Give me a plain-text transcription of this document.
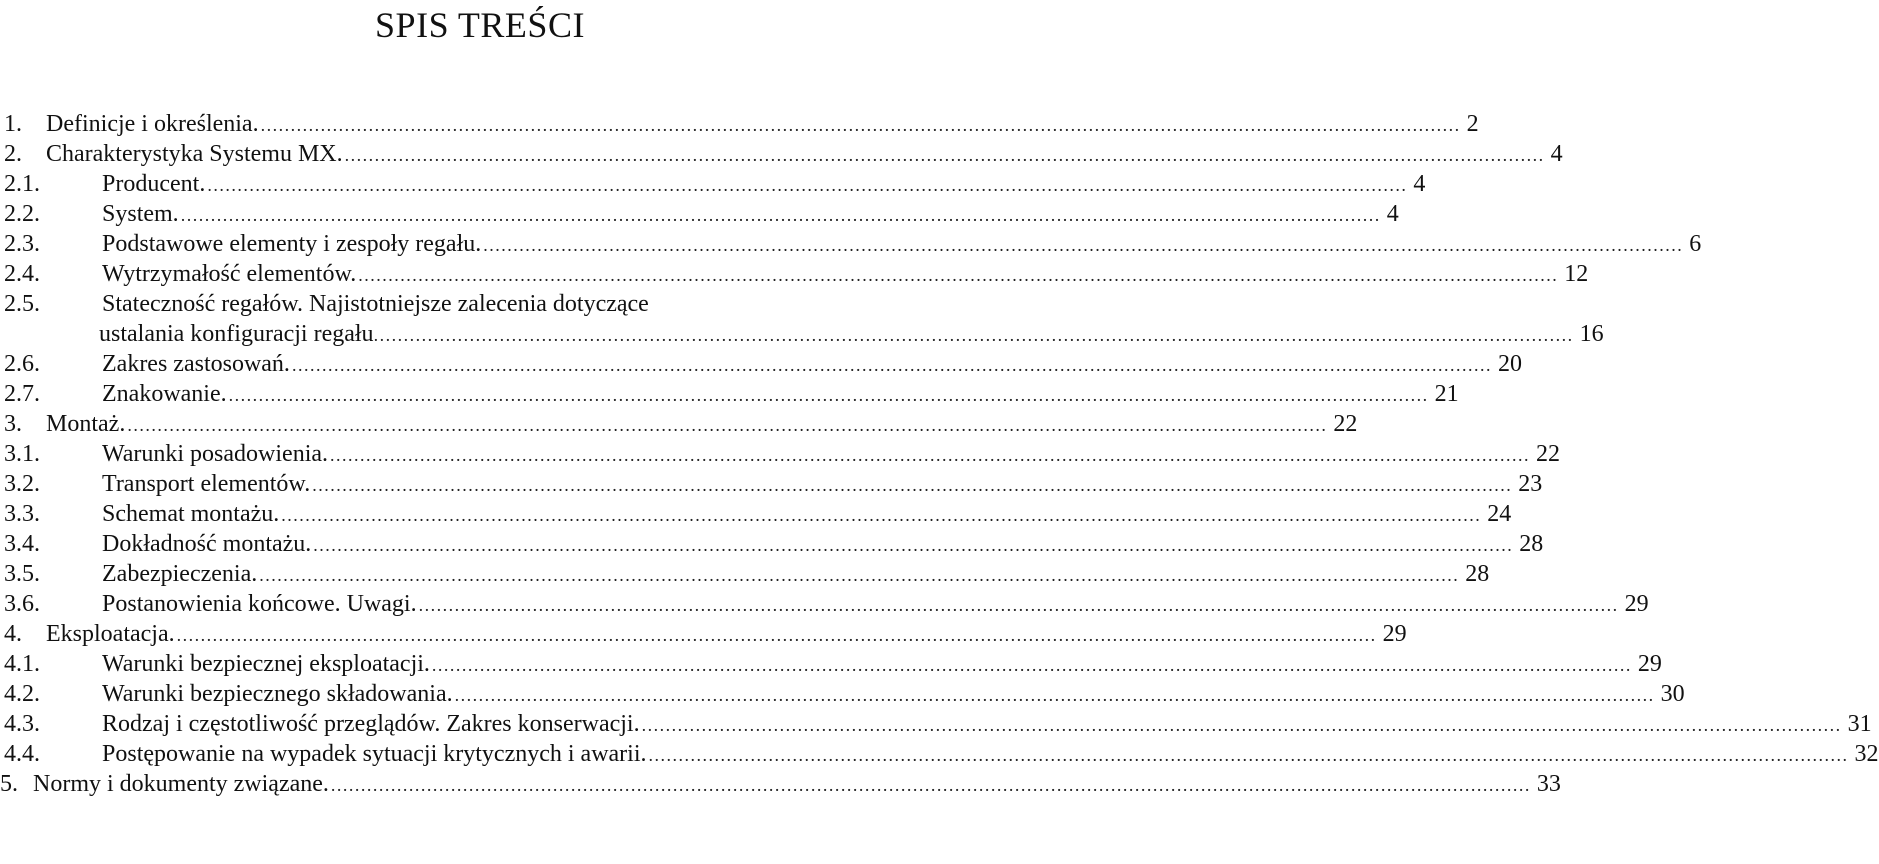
SPIS TREŚCI
1. Definicje i określenia. ........................................................................................................................................................................................................ 2
2. Charakterystyka Systemu MX. ........................................................................................................................................................................................................ 4
2.1.	Producent. ........................................................................................................................................................................................................ 4
2.2.	System. ........................................................................................................................................................................................................ 4
2.3.	Podstawowe elementy i zespoły regału. ........................................................................................................................................................................................................ 6
2.4.	Wytrzymałość elementów. ........................................................................................................................................................................................................ 12
2.5.	Stateczność regałów. Najistotniejsze zalecenia dotyczące
ustalania konfiguracji regału ........................................................................................................................................................................................................ 16
2.6.	Zakres zastosowań. ........................................................................................................................................................................................................ 20
2.7.	Znakowanie. ........................................................................................................................................................................................................ 21
3. Montaż. ........................................................................................................................................................................................................ 22
3.1.	Warunki posadowienia. ........................................................................................................................................................................................................ 22
3.2.	Transport elementów. ........................................................................................................................................................................................................ 23
3.3.	Schemat montażu. ........................................................................................................................................................................................................ 24
3.4.	Dokładność montażu. ........................................................................................................................................................................................................ 28
3.5.	Zabezpieczenia. ........................................................................................................................................................................................................ 28
3.6.	Postanowienia końcowe. Uwagi. ........................................................................................................................................................................................................ 29
4. Eksploatacja. ........................................................................................................................................................................................................ 29
4.1.	Warunki bezpiecznej eksploatacji. ........................................................................................................................................................................................................ 29
4.2.	Warunki bezpiecznego składowania. ........................................................................................................................................................................................................ 30
4.3.	Rodzaj i częstotliwość przeglądów. Zakres konserwacji. ........................................................................................................................................................................................................ 31
4.4.	Postępowanie na wypadek sytuacji krytycznych i awarii. ........................................................................................................................................................................................................ 32
5. Normy i dokumenty związane. ........................................................................................................................................................................................................ 33
